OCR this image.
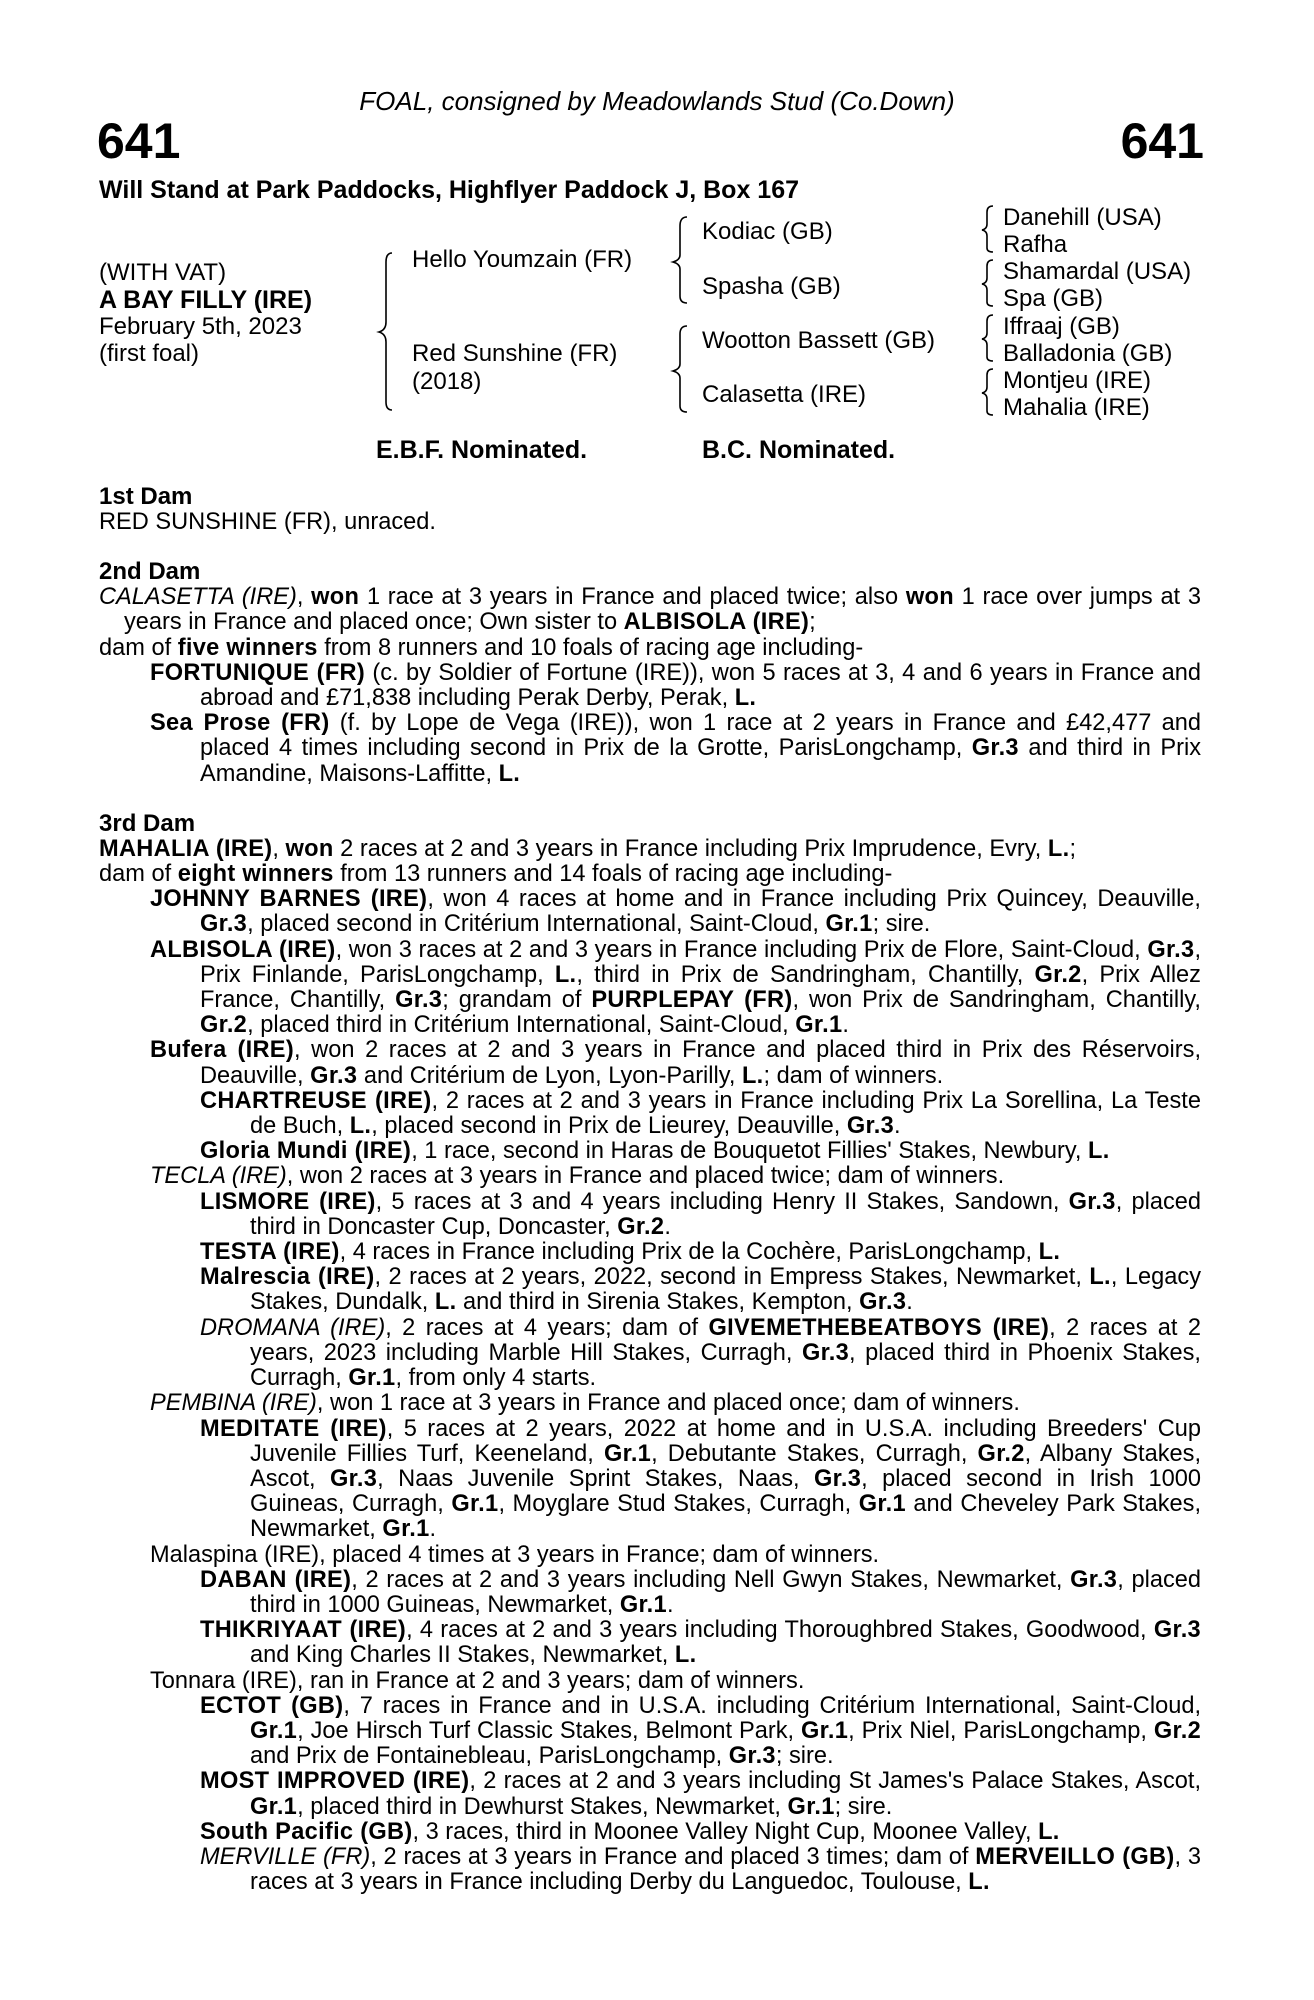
FOAL, consigned by Meadowlands Stud (Co.Down)
641	641
Will Stand at Park Paddocks, Highflyer Paddock J, Box 167
(WITH VAT)
A BAY FILLY (IRE)
February 5th, 2023
(first foal)
Hello Youmzain (FR)
Red Sunshine (FR)
(2018)
Kodiac (GB)
Spasha (GB)
Wootton Bassett (GB)
Calasetta (IRE)
Danehill (USA)
Rafha
Shamardal (USA)
Spa (GB)
Iffraaj (GB)
Balladonia (GB)
Montjeu (IRE)
Mahalia (IRE)
E.B.F. Nominated.	B.C. Nominated.
1st Dam
RED SUNSHINE (FR), unraced.
2nd Dam
CALASETTA (IRE), won 1 race at 3 years in France and placed twice; also won 1 race over jumps at 3 years in France and placed once; Own sister to ALBISOLA (IRE);
dam of five winners from 8 runners and 10 foals of racing age including-
FORTUNIQUE (FR) (c. by Soldier of Fortune (IRE)), won 5 races at 3, 4 and 6 years in France and abroad and £71,838 including Perak Derby, Perak, L.
Sea Prose (FR) (f. by Lope de Vega (IRE)), won 1 race at 2 years in France and £42,477 and placed 4 times including second in Prix de la Grotte, ParisLongchamp, Gr.3 and third in Prix Amandine, Maisons-Laffitte, L.
3rd Dam
MAHALIA (IRE), won 2 races at 2 and 3 years in France including Prix Imprudence, Evry, L.;
dam of eight winners from 13 runners and 14 foals of racing age including-
JOHNNY BARNES (IRE), won 4 races at home and in France including Prix Quincey, Deauville, Gr.3, placed second in Critérium International, Saint-Cloud, Gr.1; sire.
ALBISOLA (IRE), won 3 races at 2 and 3 years in France including Prix de Flore, Saint-Cloud, Gr.3, Prix Finlande, ParisLongchamp, L., third in Prix de Sandringham, Chantilly, Gr.2, Prix Allez France, Chantilly, Gr.3; grandam of PURPLEPAY (FR), won Prix de Sandringham, Chantilly, Gr.2, placed third in Critérium International, Saint-Cloud, Gr.1.
Bufera (IRE), won 2 races at 2 and 3 years in France and placed third in Prix des Réservoirs, Deauville, Gr.3 and Critérium de Lyon, Lyon-Parilly, L.; dam of winners.
CHARTREUSE (IRE), 2 races at 2 and 3 years in France including Prix La Sorellina, La Teste de Buch, L., placed second in Prix de Lieurey, Deauville, Gr.3.
Gloria Mundi (IRE), 1 race, second in Haras de Bouquetot Fillies' Stakes, Newbury, L.
TECLA (IRE), won 2 races at 3 years in France and placed twice; dam of winners.
LISMORE (IRE), 5 races at 3 and 4 years including Henry II Stakes, Sandown, Gr.3, placed third in Doncaster Cup, Doncaster, Gr.2.
TESTA (IRE), 4 races in France including Prix de la Cochère, ParisLongchamp, L.
Malrescia (IRE), 2 races at 2 years, 2022, second in Empress Stakes, Newmarket, L., Legacy Stakes, Dundalk, L. and third in Sirenia Stakes, Kempton, Gr.3.
DROMANA (IRE), 2 races at 4 years; dam of GIVEMETHEBEATBOYS (IRE), 2 races at 2 years, 2023 including Marble Hill Stakes, Curragh, Gr.3, placed third in Phoenix Stakes, Curragh, Gr.1, from only 4 starts.
PEMBINA (IRE), won 1 race at 3 years in France and placed once; dam of winners.
MEDITATE (IRE), 5 races at 2 years, 2022 at home and in U.S.A. including Breeders' Cup Juvenile Fillies Turf, Keeneland, Gr.1, Debutante Stakes, Curragh, Gr.2, Albany Stakes, Ascot, Gr.3, Naas Juvenile Sprint Stakes, Naas, Gr.3, placed second in Irish 1000 Guineas, Curragh, Gr.1, Moyglare Stud Stakes, Curragh, Gr.1 and Cheveley Park Stakes, Newmarket, Gr.1.
Malaspina (IRE), placed 4 times at 3 years in France; dam of winners.
DABAN (IRE), 2 races at 2 and 3 years including Nell Gwyn Stakes, Newmarket, Gr.3, placed third in 1000 Guineas, Newmarket, Gr.1.
THIKRIYAAT (IRE), 4 races at 2 and 3 years including Thoroughbred Stakes, Goodwood, Gr.3 and King Charles II Stakes, Newmarket, L.
Tonnara (IRE), ran in France at 2 and 3 years; dam of winners.
ECTOT (GB), 7 races in France and in U.S.A. including Critérium International, Saint-Cloud, Gr.1, Joe Hirsch Turf Classic Stakes, Belmont Park, Gr.1, Prix Niel, ParisLongchamp, Gr.2 and Prix de Fontainebleau, ParisLongchamp, Gr.3; sire.
MOST IMPROVED (IRE), 2 races at 2 and 3 years including St James's Palace Stakes, Ascot, Gr.1, placed third in Dewhurst Stakes, Newmarket, Gr.1; sire.
South Pacific (GB), 3 races, third in Moonee Valley Night Cup, Moonee Valley, L.
MERVILLE (FR), 2 races at 3 years in France and placed 3 times; dam of MERVEILLO (GB), 3 races at 3 years in France including Derby du Languedoc, Toulouse, L.
